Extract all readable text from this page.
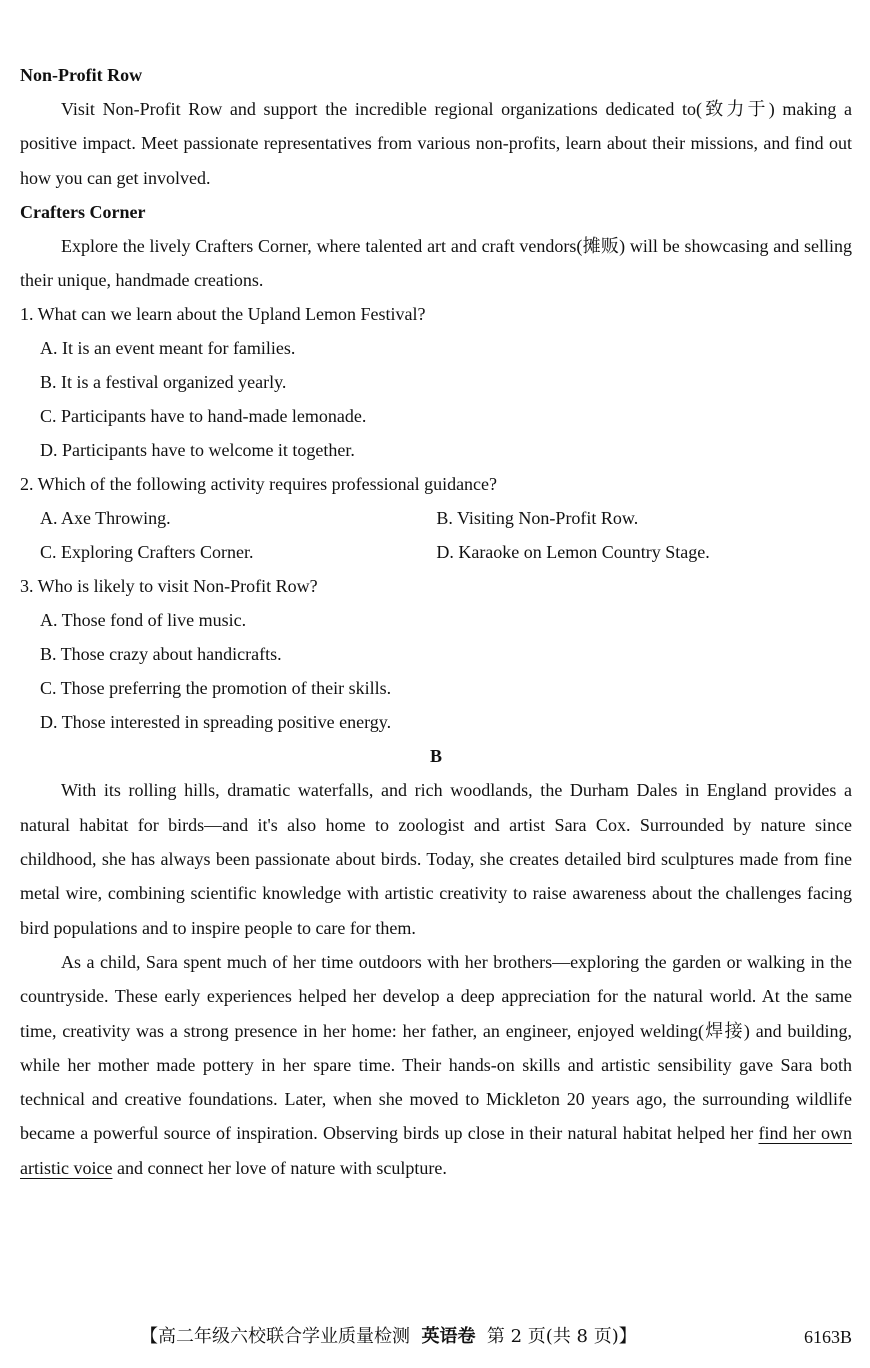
Non-Profit Row

Visit Non-Profit Row and support the incredible regional organizations dedicated to(致力于) making a positive impact. Meet passionate representatives from various non-profits, learn about their missions, and find out how you can get involved.

Crafters Corner

Explore the lively Crafters Corner, where talented art and craft vendors(摊贩) will be showcasing and selling their unique, handmade creations.

1. What can we learn about the Upland Lemon Festival?
A. It is an event meant for families.
B. It is a festival organized yearly.
C. Participants have to hand-made lemonade.
D. Participants have to welcome it together.
2. Which of the following activity requires professional guidance?
A. Axe Throwing.	B. Visiting Non-Profit Row.
C. Exploring Crafters Corner.	D. Karaoke on Lemon Country Stage.
3. Who is likely to visit Non-Profit Row?
A. Those fond of live music.
B. Those crazy about handicrafts.
C. Those preferring the promotion of their skills.
D. Those interested in spreading positive energy.
B

With its rolling hills, dramatic waterfalls, and rich woodlands, the Durham Dales in England provides a natural habitat for birds—and it's also home to zoologist and artist Sara Cox. Surrounded by nature since childhood, she has always been passionate about birds. Today, she creates detailed bird sculptures made from fine metal wire, combining scientific knowledge with artistic creativity to raise awareness about the challenges facing bird populations and to inspire people to care for them.

As a child, Sara spent much of her time outdoors with her brothers—exploring the garden or walking in the countryside. These early experiences helped her develop a deep appreciation for the natural world. At the same time, creativity was a strong presence in her home: her father, an engineer, enjoyed welding(焊接) and building, while her mother made pottery in her spare time. Their hands-on skills and artistic sensibility gave Sara both technical and creative foundations. Later, when she moved to Mickleton 20 years ago, the surrounding wildlife became a powerful source of inspiration. Observing birds up close in their natural habitat helped her find her own artistic voice and connect her love of nature with sculpture.

【高二年级六校联合学业质量检测 英语卷 第 2 页(共 8 页)】	6163B
